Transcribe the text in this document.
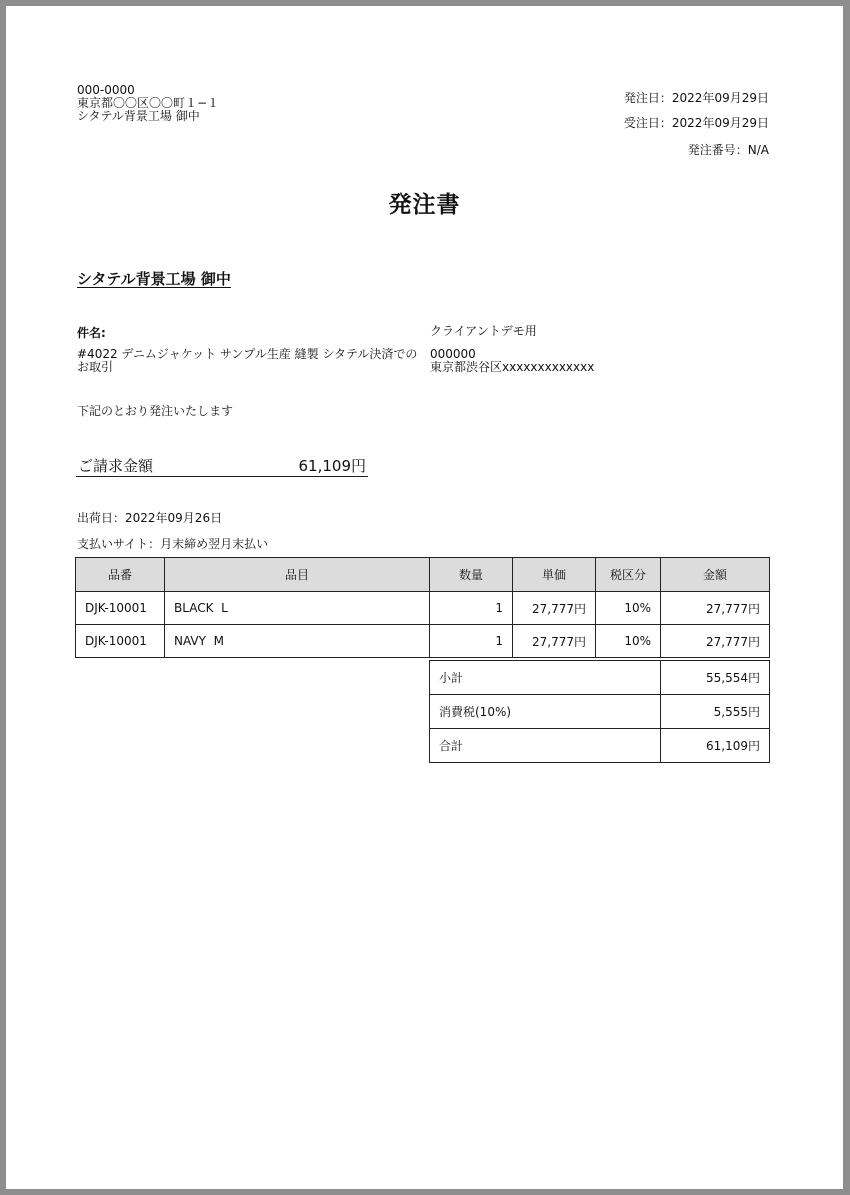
000-0000
東京都〇〇区〇〇町１−１
シタテル背景工場 御中
発注日：2022年09月29日
受注日：2022年09月29日
発注番号：N/A
発注書
シタテル背景工場 御中
件名:
#4022 デニムジャケット サンプル生産 縫製 シタテル決済での
お取引
クライアントデモ用
000000
東京都渋谷区xxxxxxxxxxxxx
下記のとおり発注いたします
ご請求金額	61,109円
出荷日：2022年09月26日
支払いサイト：月末締め翌月末払い
品番	品目	数量	単価	税区分	金額
DJK-10001	BLACK  L	1	27,777円	10%	27,777円
DJK-10001	NAVY  M	1	27,777円	10%	27,777円
小計	55,554円
消費税(10%)	5,555円
合計	61,109円
